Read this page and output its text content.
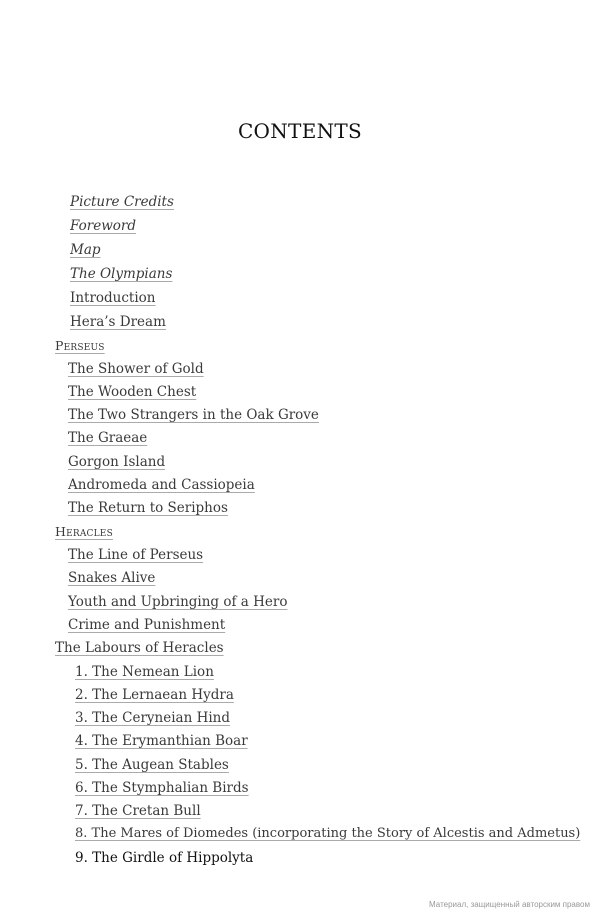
CONTENTS
Picture Credits
Foreword
Map
The Olympians
Introduction
Hera’s Dream
Perseus
The Shower of Gold
The Wooden Chest
The Two Strangers in the Oak Grove
The Graeae
Gorgon Island
Andromeda and Cassiopeia
The Return to Seriphos
Heracles
The Line of Perseus
Snakes Alive
Youth and Upbringing of a Hero
Crime and Punishment
The Labours of Heracles
1. The Nemean Lion
2. The Lernaean Hydra
3. The Ceryneian Hind
4. The Erymanthian Boar
5. The Augean Stables
6. The Stymphalian Birds
7. The Cretan Bull
8. The Mares of Diomedes (incorporating the Story of Alcestis and Admetus)
9. The Girdle of Hippolyta
Материал, защищенный авторским правом
